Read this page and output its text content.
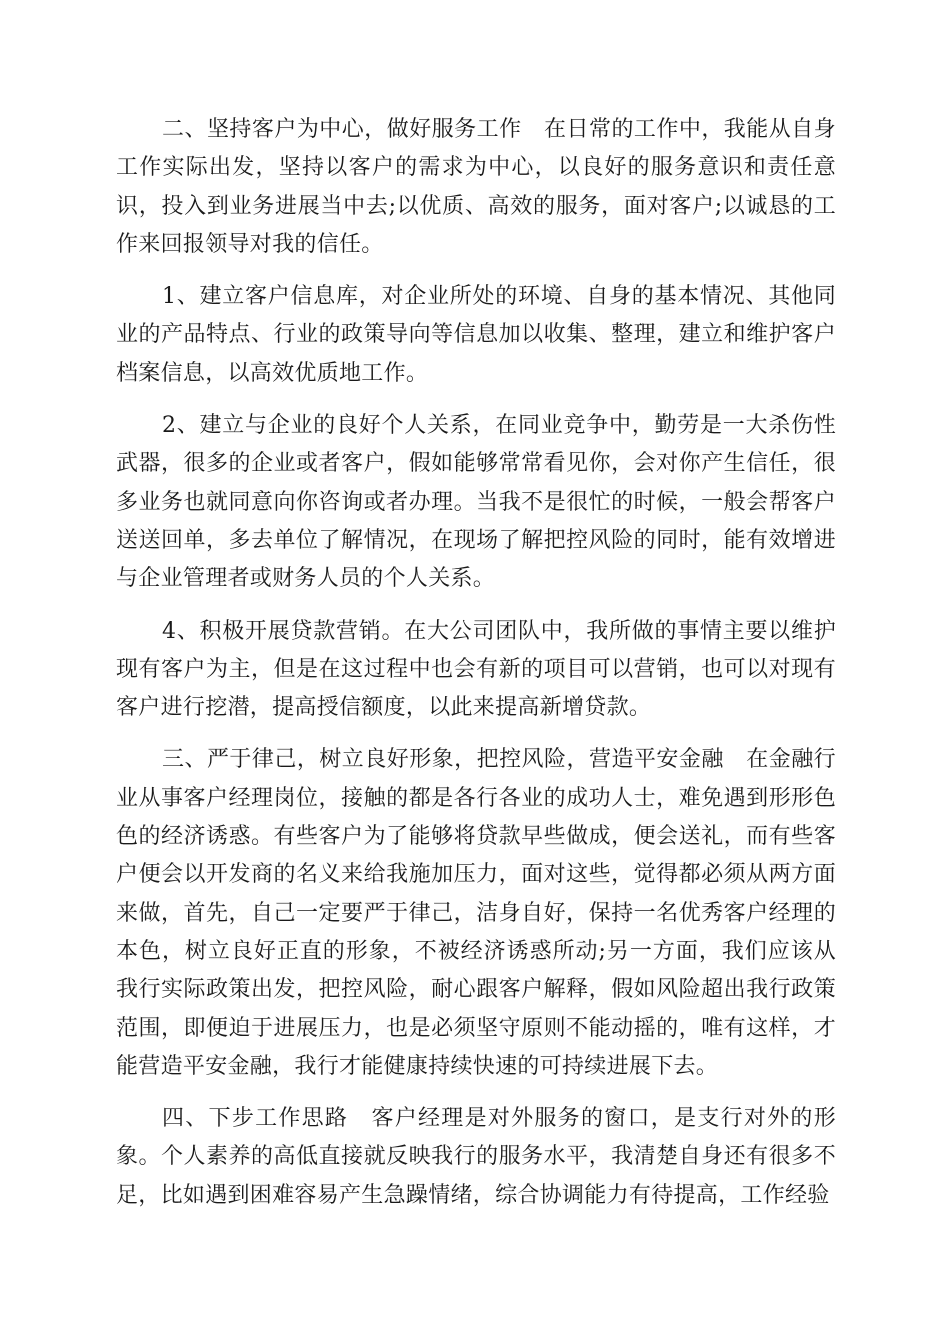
二、坚持客户为中心，做好服务工作　在日常的工作中，我能从自身工作实际出发，坚持以客户的需求为中心，以良好的服务意识和责任意识，投入到业务进展当中去;以优质、高效的服务，面对客户;以诚恳的工作来回报领导对我的信任。

1、建立客户信息库，对企业所处的环境、自身的基本情况、其他同业的产品特点、行业的政策导向等信息加以收集、整理，建立和维护客户档案信息，以高效优质地工作。

2、建立与企业的良好个人关系，在同业竞争中，勤劳是一大杀伤性武器，很多的企业或者客户，假如能够常常看见你，会对你产生信任，很多业务也就同意向你咨询或者办理。当我不是很忙的时候，一般会帮客户送送回单，多去单位了解情况，在现场了解把控风险的同时，能有效增进与企业管理者或财务人员的个人关系。

4、积极开展贷款营销。在大公司团队中，我所做的事情主要以维护现有客户为主，但是在这过程中也会有新的项目可以营销，也可以对现有客户进行挖潜，提高授信额度，以此来提高新增贷款。

三、严于律己，树立良好形象，把控风险，营造平安金融　在金融行业从事客户经理岗位，接触的都是各行各业的成功人士，难免遇到形形色色的经济诱惑。有些客户为了能够将贷款早些做成，便会送礼，而有些客户便会以开发商的名义来给我施加压力，面对这些，觉得都必须从两方面来做，首先，自己一定要严于律己，洁身自好，保持一名优秀客户经理的本色，树立良好正直的形象，不被经济诱惑所动;另一方面，我们应该从我行实际政策出发，把控风险，耐心跟客户解释，假如风险超出我行政策范围，即便迫于进展压力，也是必须坚守原则不能动摇的，唯有这样，才能营造平安金融，我行才能健康持续快速的可持续进展下去。

四、下步工作思路　客户经理是对外服务的窗口，是支行对外的形象。个人素养的高低直接就反映我行的服务水平，我清楚自身还有很多不足，比如遇到困难容易产生急躁情绪，综合协调能力有待提高，工作经验
